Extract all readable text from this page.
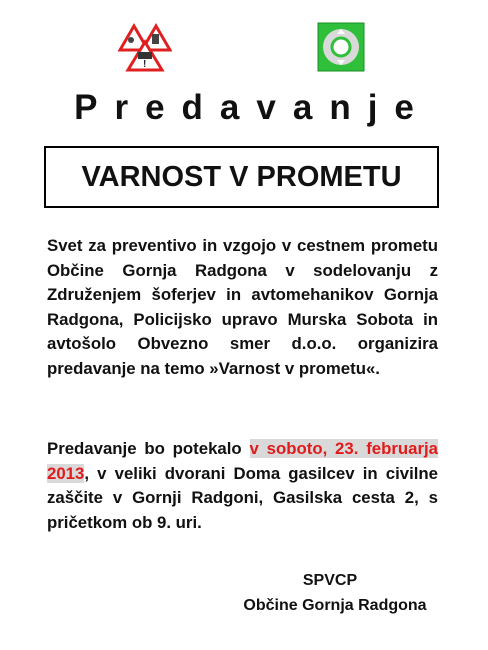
!
Predavanje
VARNOST V PROMETU
Svet za preventivo in vzgojo v cestnem prometu Občine Gornja Radgona v sodelovanju z Združenjem šoferjev in avtomehanikov Gornja Radgona, Policijsko upravo Murska Sobota in avtošolo Obvezno smer d.o.o. organizira predavanje na temo »Varnost v prometu«.
Predavanje bo potekalo v soboto, 23. februarja 2013, v veliki dvorani Doma gasilcev in civilne zaščite v Gornji Radgoni, Gasilska cesta 2, s pričetkom ob 9. uri.
SPVCP
Občine Gornja Radgona
